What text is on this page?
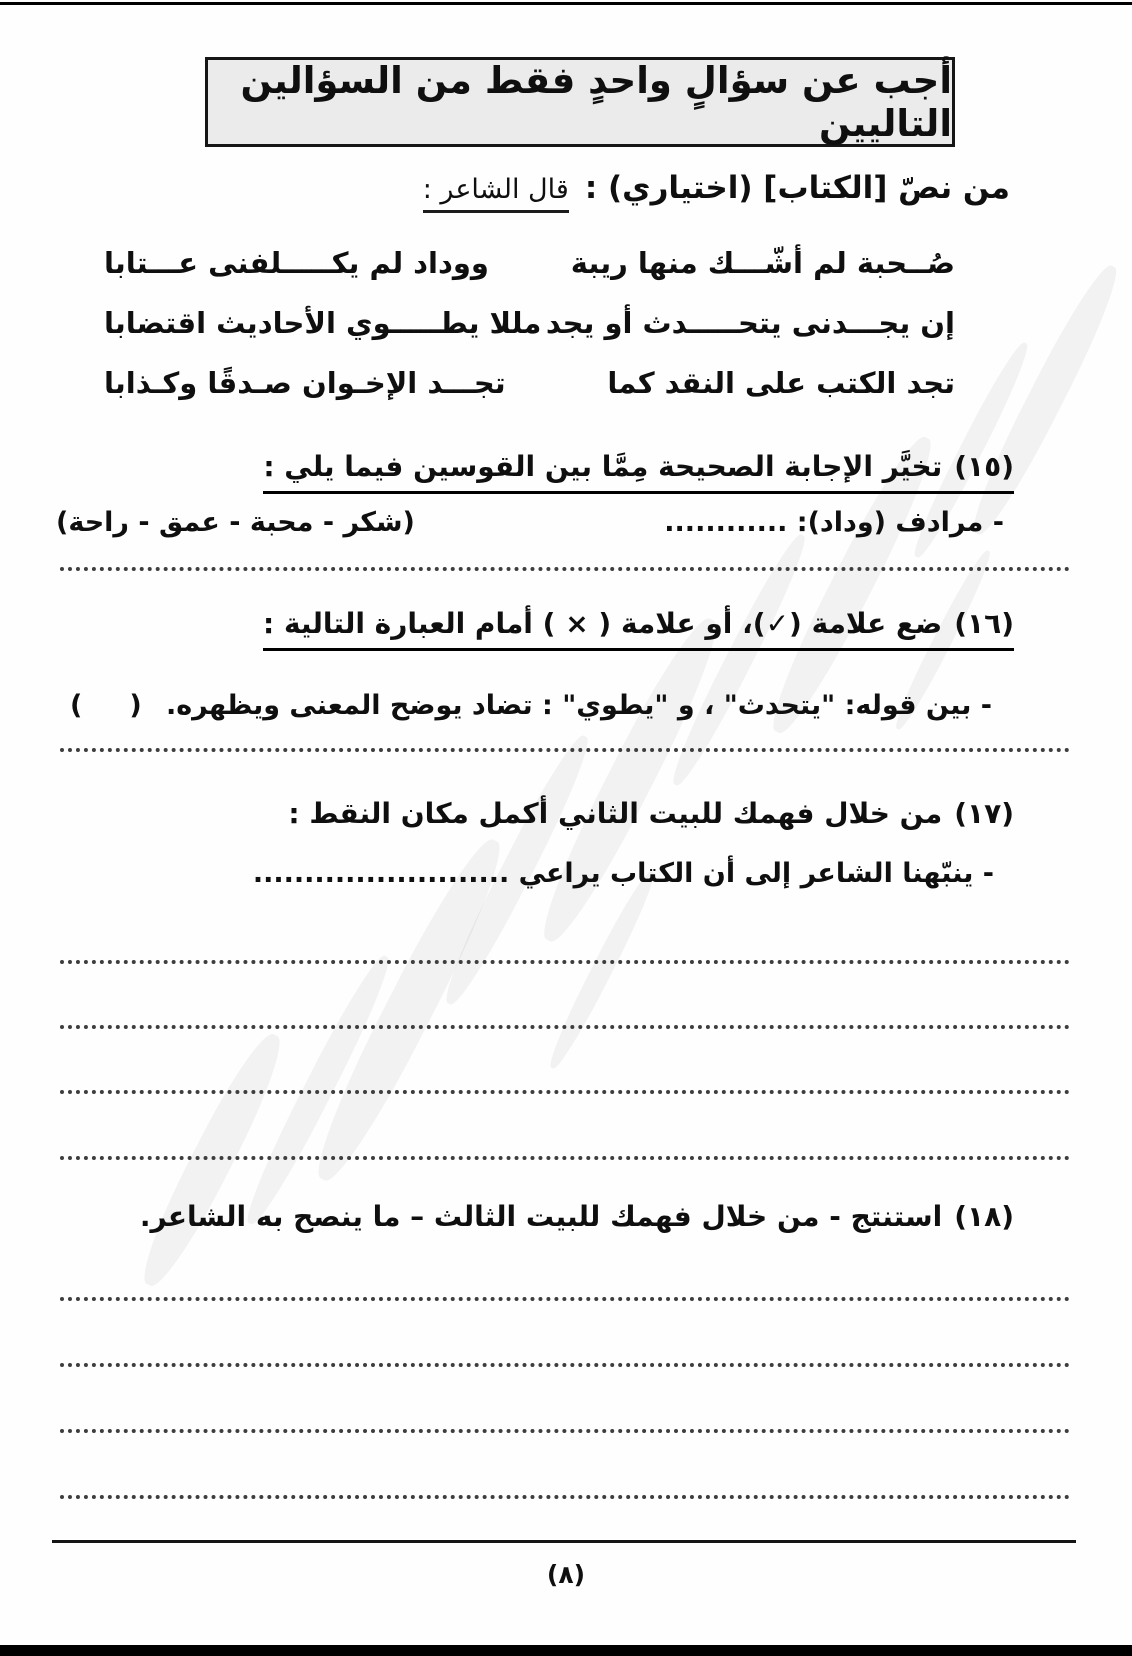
أجب عن سؤالٍ واحدٍ فقط من السؤالين التاليين
من نصّ [الكتاب] (اختياري) :
قال الشاعر :
صُــحبة لم أشّـــك منها ريبة
ووداد لم يكـــــلفنى عـــتابا
إن يجـــدنى يتحـــــدث أو يجد
مللا يطـــــوي الأحاديث اقتضابا
تجد الكتب على النقد كما
تجـــد الإخـوان صـدقًا وكـذابا
(١٥)
تخيَّر الإجابة الصحيحة مِمَّا بين القوسين فيما يلي :
- مرادف (وداد): ............
(شكر - محبة - عمق - راحة)
(١٦)
ضع علامة (✓)، أو علامة ( × ) أمام العبارة التالية :
- بين قوله: "يتحدث" ، و "يطوي" : تضاد يوضح المعنى ويظهره.
(     )
(١٧)
من خلال فهمك للبيت الثاني أكمل مكان النقط :
- ينبّهنا الشاعر إلى أن الكتاب يراعي .........................
(١٨)
استنتج - من خلال فهمك للبيت الثالث – ما ينصح به الشاعر.
(٨)
